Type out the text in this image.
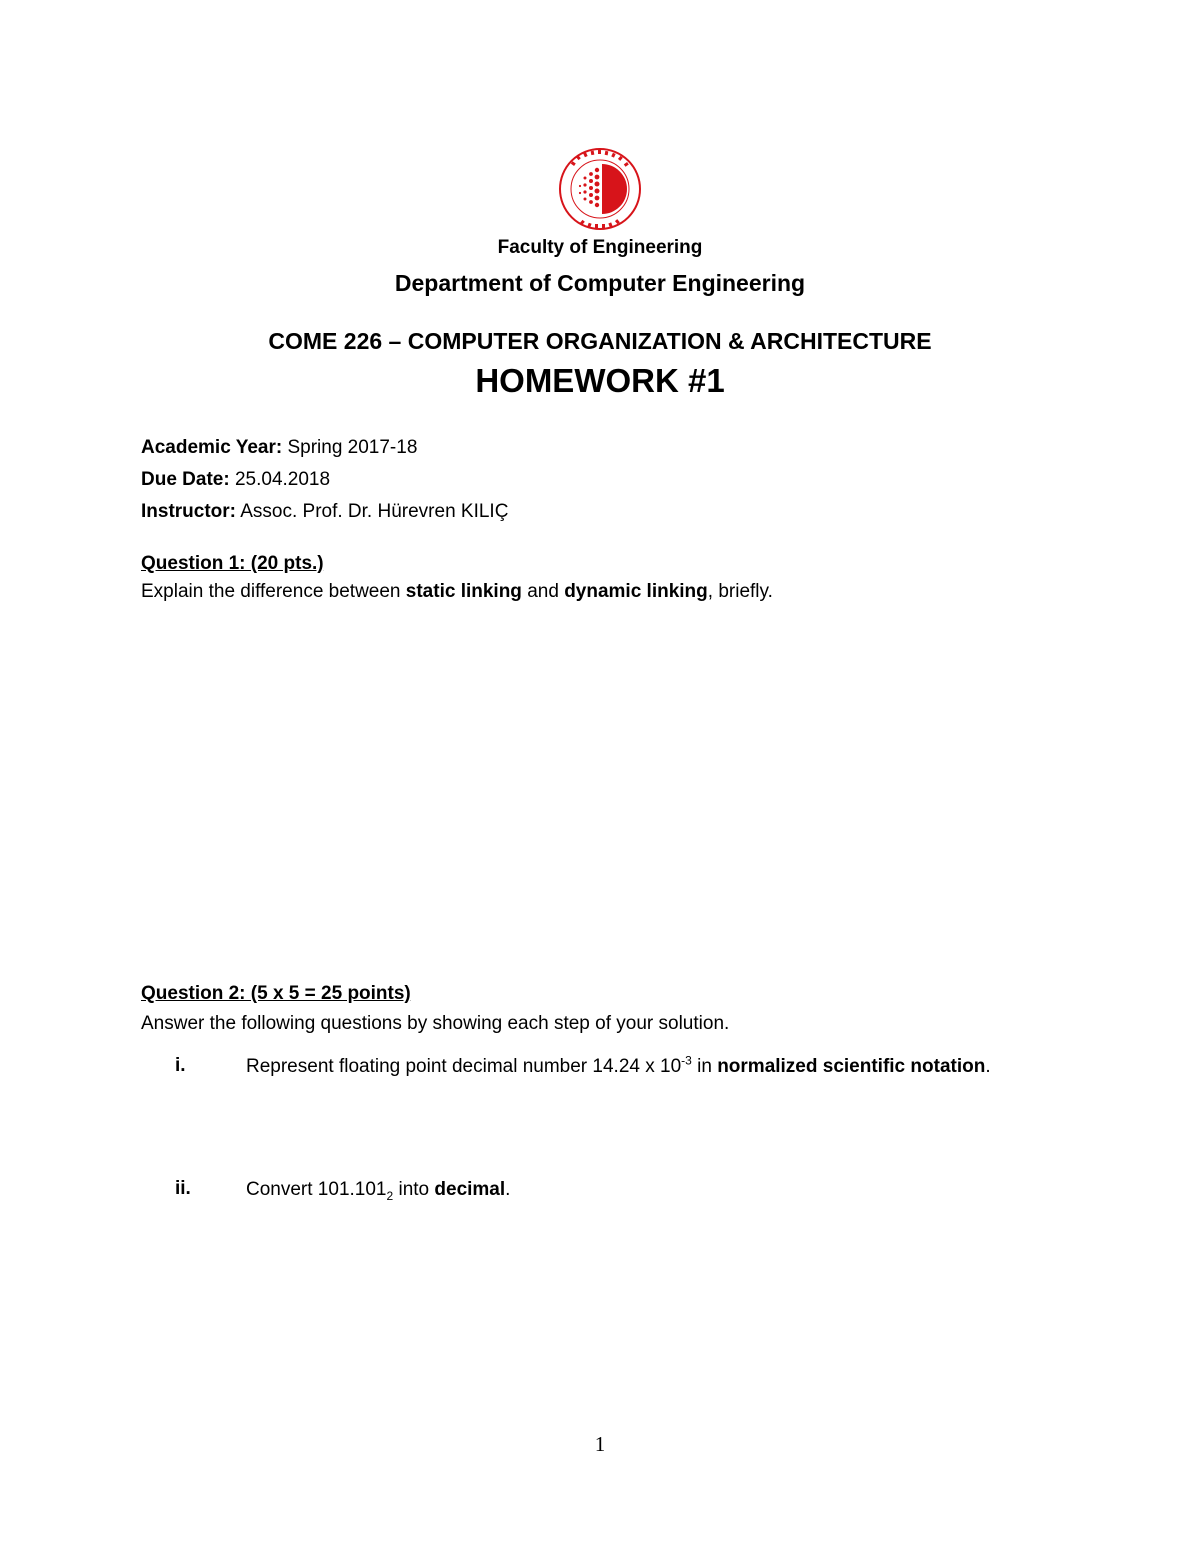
Faculty of Engineering
Department of Computer Engineering
COME 226 – COMPUTER ORGANIZATION & ARCHITECTURE
HOMEWORK #1
Academic Year: Spring 2017-18
Due Date: 25.04.2018
Instructor: Assoc. Prof. Dr. Hürevren KILIÇ
Question 1: (20 pts.)
Explain the difference between static linking and dynamic linking, briefly.
Question 2: (5 x 5 = 25 points)
Answer the following questions by showing each step of your solution.
i.	Represent floating point decimal number 14.24 x $10^{-3}$ in normalized scientific notation.
ii.	Convert $101.101_2$ into decimal.
1
